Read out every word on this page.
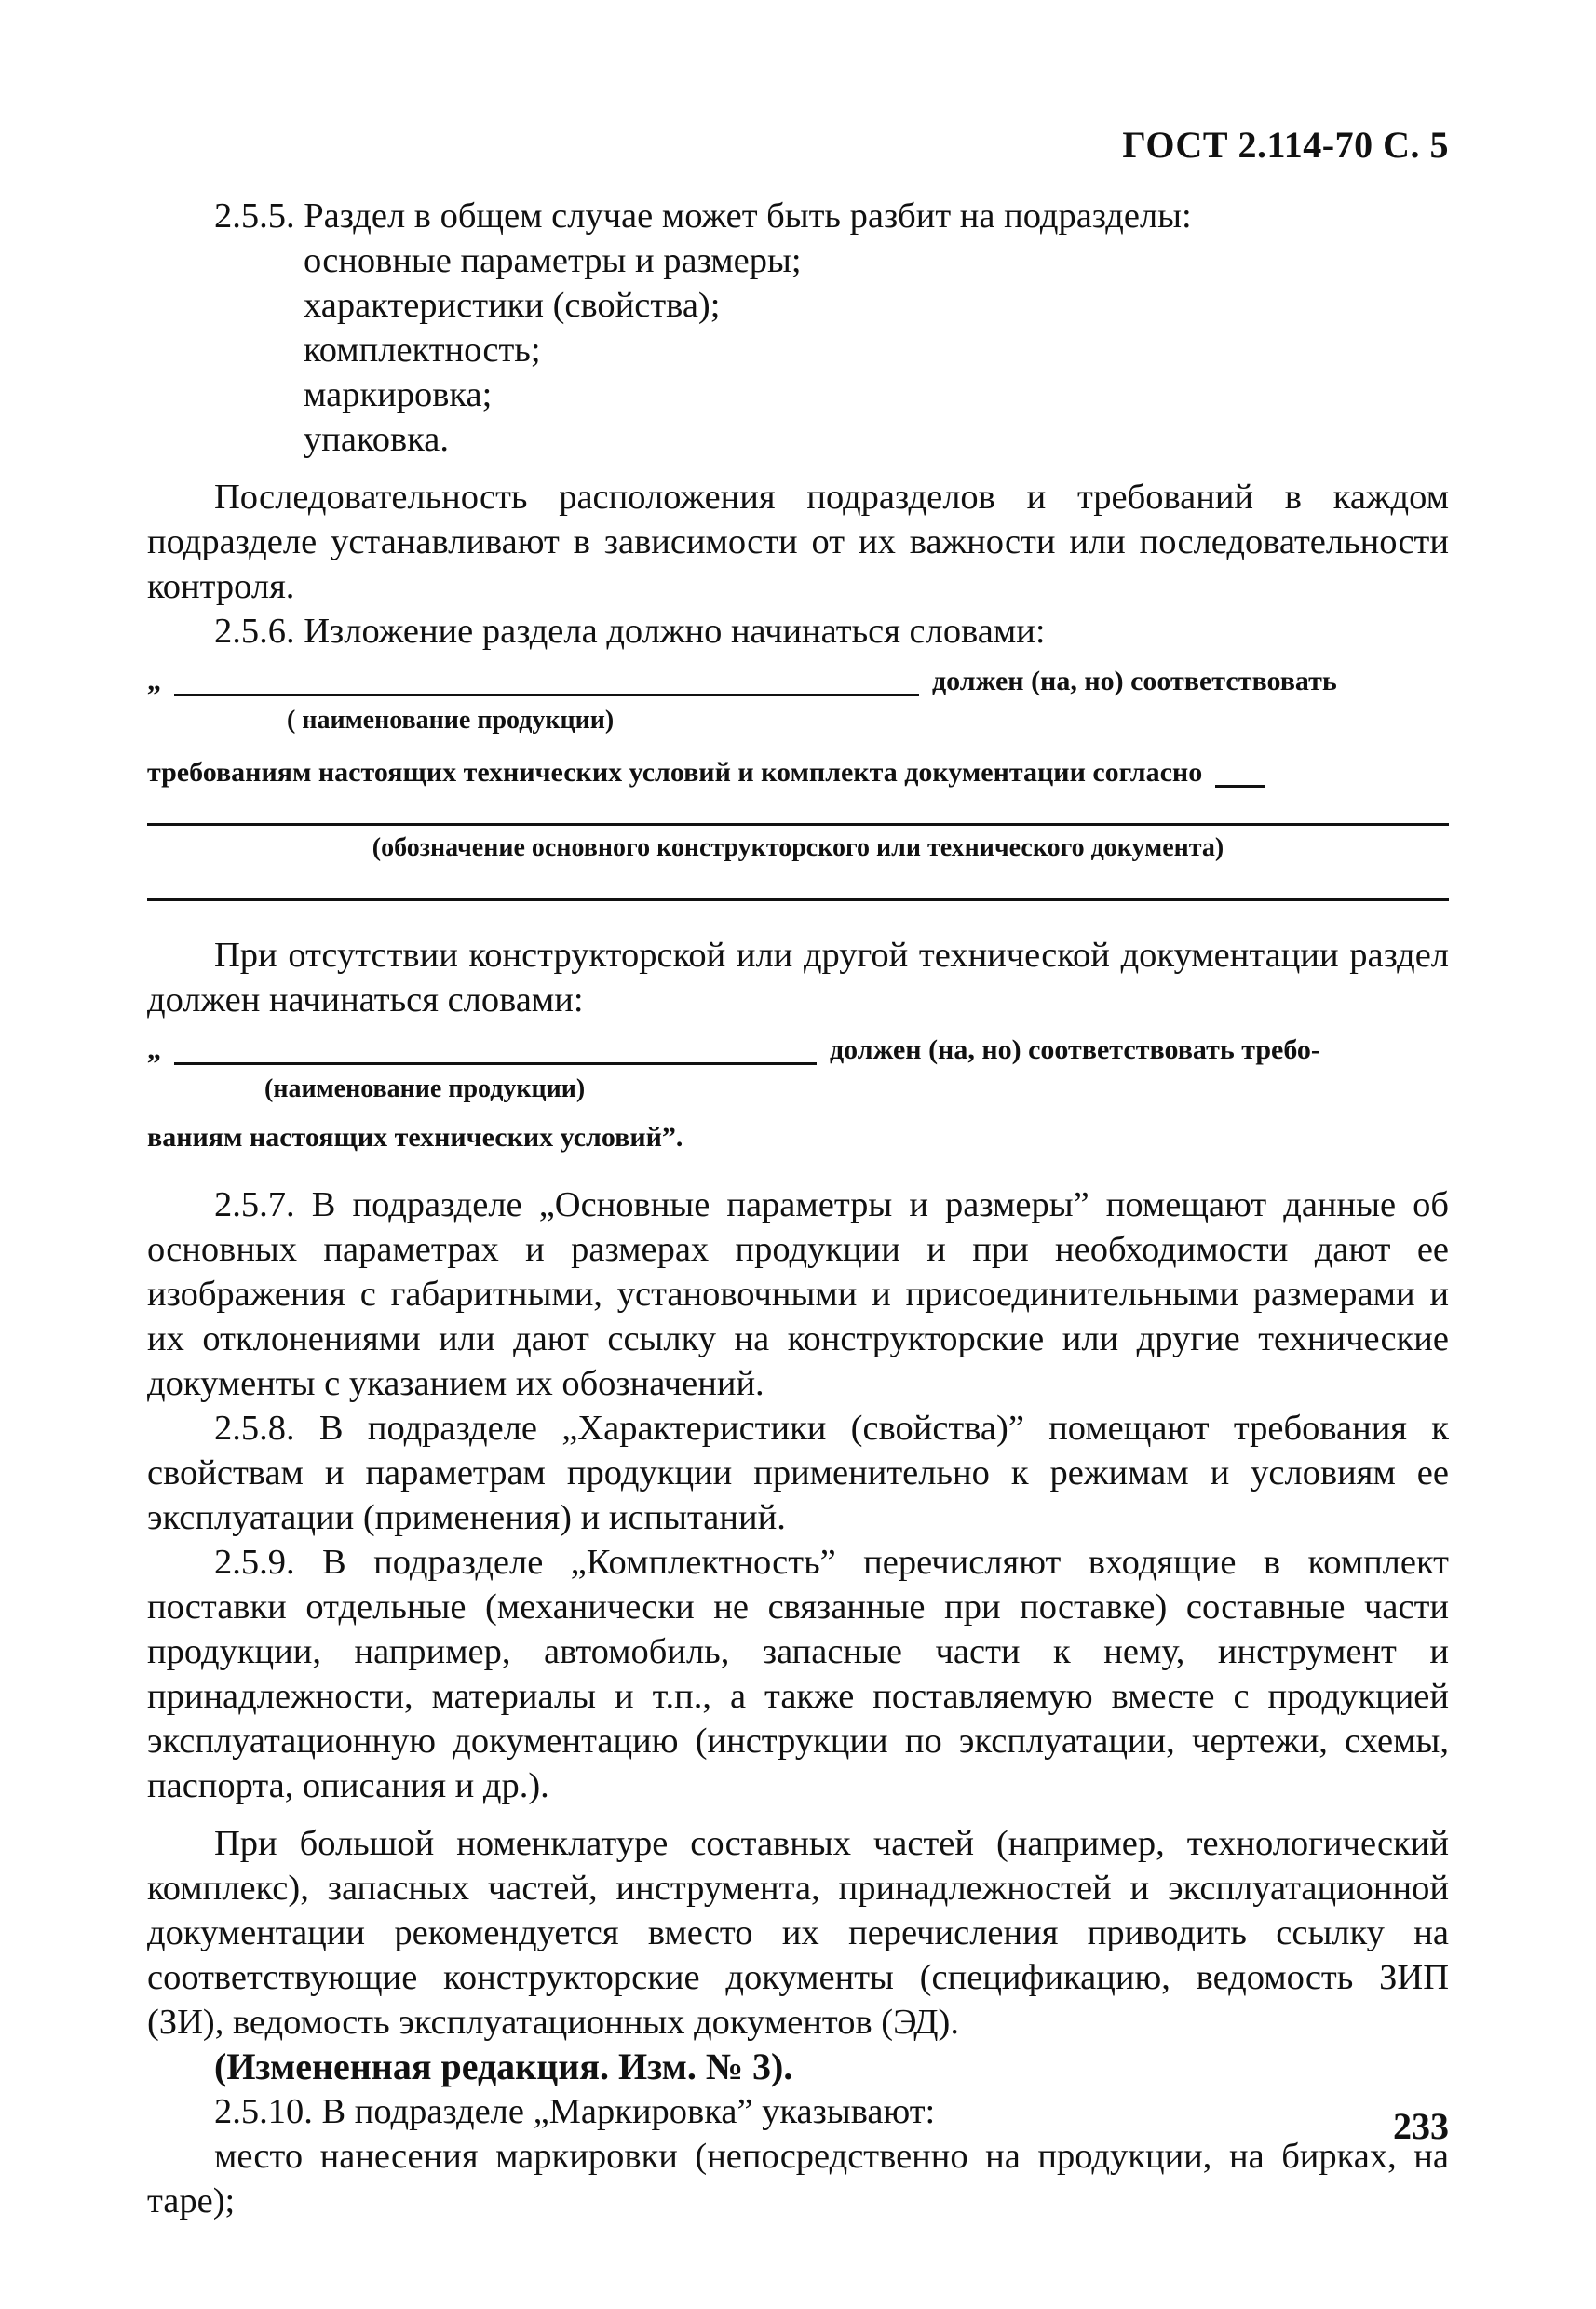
ГОСТ 2.114-70 С. 5

2.5.5. Раздел в общем случае может быть разбит на подразделы:

основные параметры и размеры;
характеристики (свойства);
комплектность;
маркировка;
упаковка.

Последовательность расположения подразделов и требований в каждом подразделе устанавливают в зависимости от их важности или последовательности контроля.

2.5.6. Изложение раздела должно начинаться словами:

„	должен (на, но) соответствовать
( наименование продукции)
требованиям настоящих технических условий и комплекта документации согласно
(обозначение основного конструкторского или технического документа)

При отсутствии конструкторской или другой технической документации раздел должен начинаться словами:

„	должен (на, но) соответствовать требо-
(наименование продукции)
ваниям настоящих технических условий”.

2.5.7. В подразделе „Основные параметры и размеры” помещают данные об основных параметрах и размерах продукции и при необходимости дают ее изображения с габаритными, установочными и присоединительными размерами и их отклонениями или дают ссылку на конструкторские или другие технические документы с указанием их обозначений.

2.5.8. В подразделе „Характеристики (свойства)” помещают требования к свойствам и параметрам продукции применительно к режимам и условиям ее эксплуатации (применения) и испытаний.

2.5.9. В подразделе „Комплектность” перечисляют входящие в комплект поставки отдельные (механически не связанные при поставке) составные части продукции, например, автомобиль, запасные части к нему, инструмент и принадлежности, материалы и т.п., а также поставляемую вместе с продукцией эксплуатационную документацию (инструкции по эксплуатации, чертежи, схемы, паспорта, описания и др.).

При большой номенклатуре составных частей (например, технологический комплекс), запасных частей, инструмента, принадлежностей и эксплуатационной документации рекомендуется вместо их перечисления приводить ссылку на соответствующие конструкторские документы (спецификацию, ведомость ЗИП (ЗИ), ведомость эксплуатационных документов (ЭД).

(Измененная редакция. Изм. № 3).

2.5.10. В подразделе „Маркировка” указывают:

место нанесения маркировки (непосредственно на продукции, на бирках, на таре);

233
